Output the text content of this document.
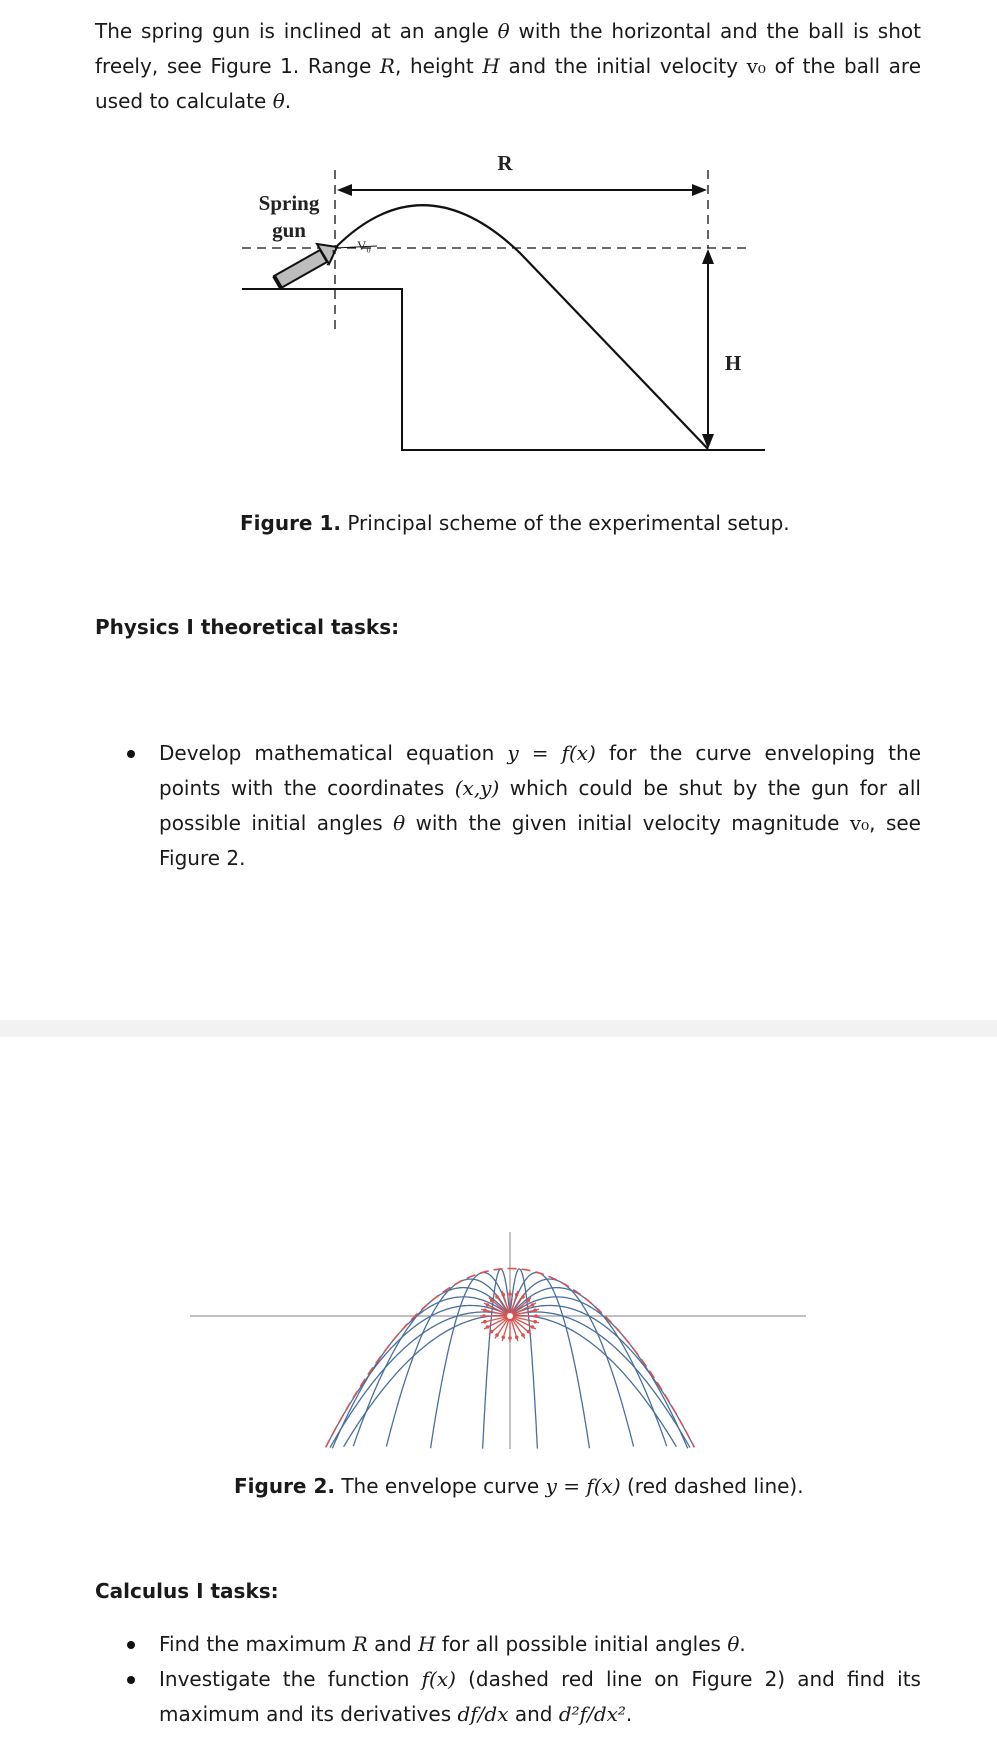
The spring gun is inclined at an angle θ with the horizontal and the ball is shot freely, see Figure 1. Range R, height H and the initial velocity v₀ of the ball are used to calculate θ.

Spring
gun
V₀
R
H
Figure 1. Principal scheme of the experimental setup.
Physics I theoretical tasks:
Develop mathematical equation y = f(x) for the curve enveloping the points with the coordinates (x,y) which could be shut by the gun for all possible initial angles θ with the given initial velocity magnitude v₀, see Figure 2.
Figure 2. The envelope curve y = f(x) (red dashed line).
Calculus I tasks:
Find the maximum R and H for all possible initial angles θ.
Investigate the function f(x) (dashed red line on Figure 2) and find its maximum and its derivatives df/dx and d²f/dx².
